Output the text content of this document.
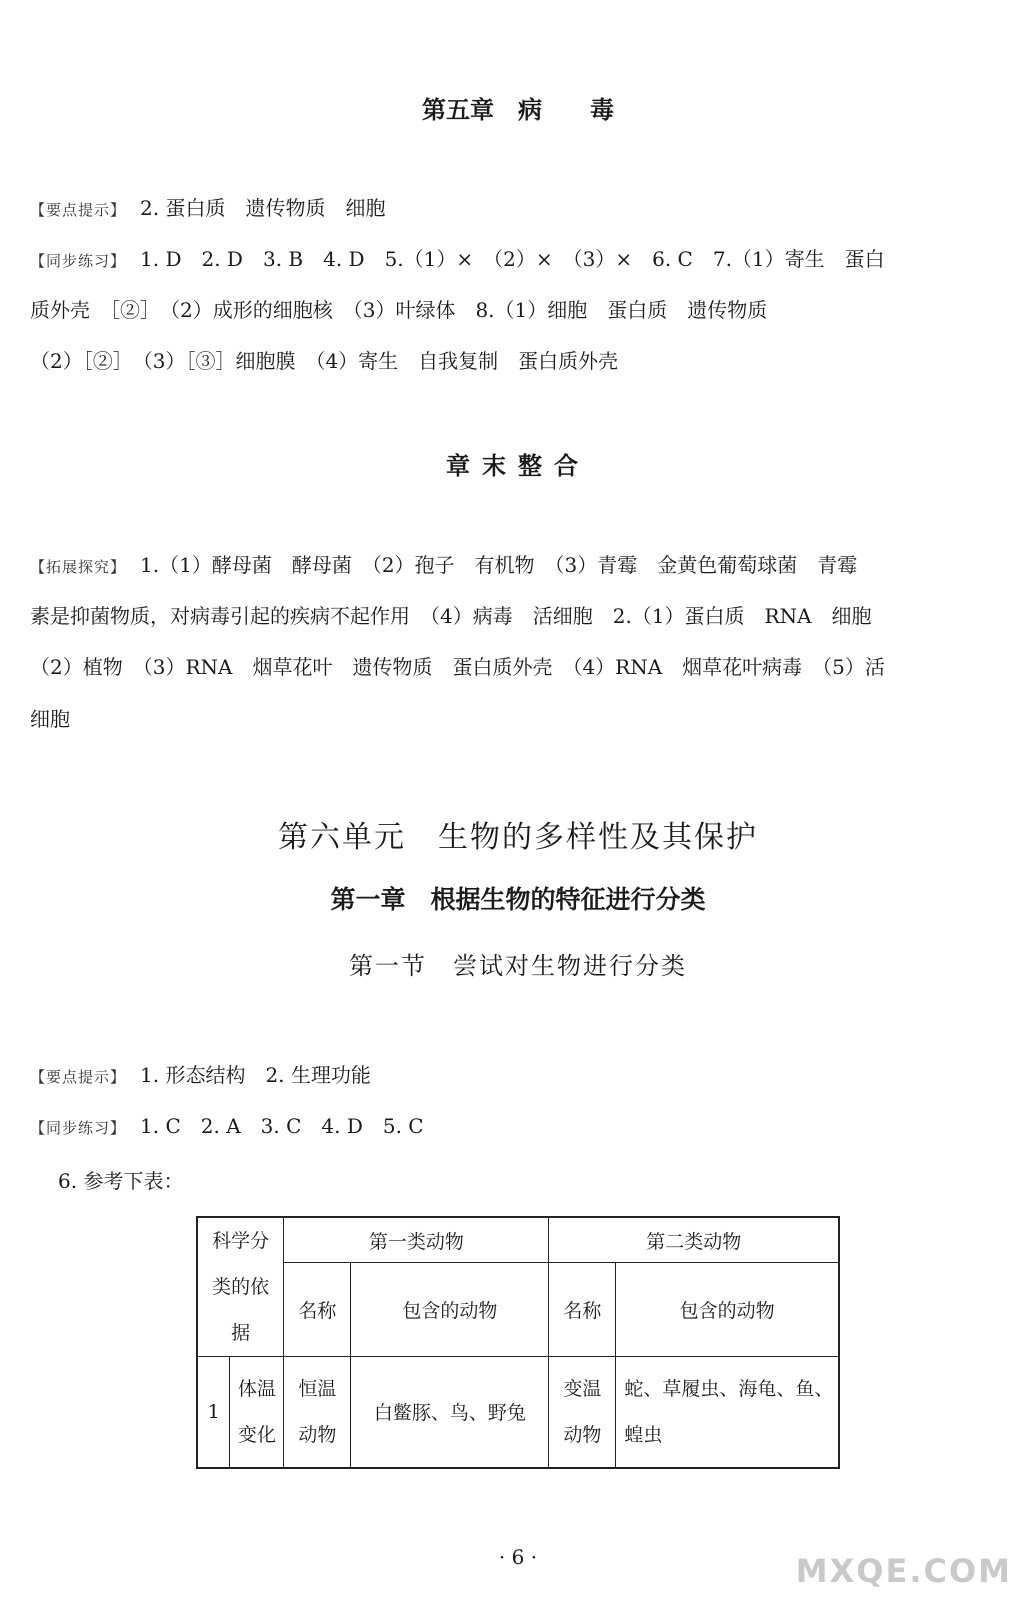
第五章　病　　毒
【要点提示】 2. 蛋白质　遗传物质　细胞
【同步练习】 1. D　2. D　3. B　4. D　5.（1）×　（2）×　（3）×　6. C　7.（1）寄生　蛋白
质外壳　［②］　（2）成形的细胞核　（3）叶绿体　8.（1）细胞　蛋白质　遗传物质
（2）［②］　（3）［③］细胞膜　（4）寄生　自我复制　蛋白质外壳
章末整合
【拓展探究】 1.（1）酵母菌　酵母菌　（2）孢子　有机物　（3）青霉　金黄色葡萄球菌　青霉
素是抑菌物质，对病毒引起的疾病不起作用　（4）病毒　活细胞　2.（1）蛋白质　RNA　细胞
（2）植物　（3）RNA　烟草花叶　遗传物质　蛋白质外壳　（4）RNA　烟草花叶病毒　（5）活
细胞
第六单元　生物的多样性及其保护
第一章　根据生物的特征进行分类
第一节　尝试对生物进行分类
【要点提示】 1. 形态结构　2. 生理功能
【同步练习】 1. C　2. A　3. C　4. D　5. C
6. 参考下表：
科学分类的依据		第一类动物		第二类动物	
		名称	包含的动物	名称	包含的动物
1	体温变化	恒温动物	白鳖豚、鸟、野兔	变温动物	蛇、草履虫、海龟、鱼、蝗虫
· 6 ·	MXQE.COM
